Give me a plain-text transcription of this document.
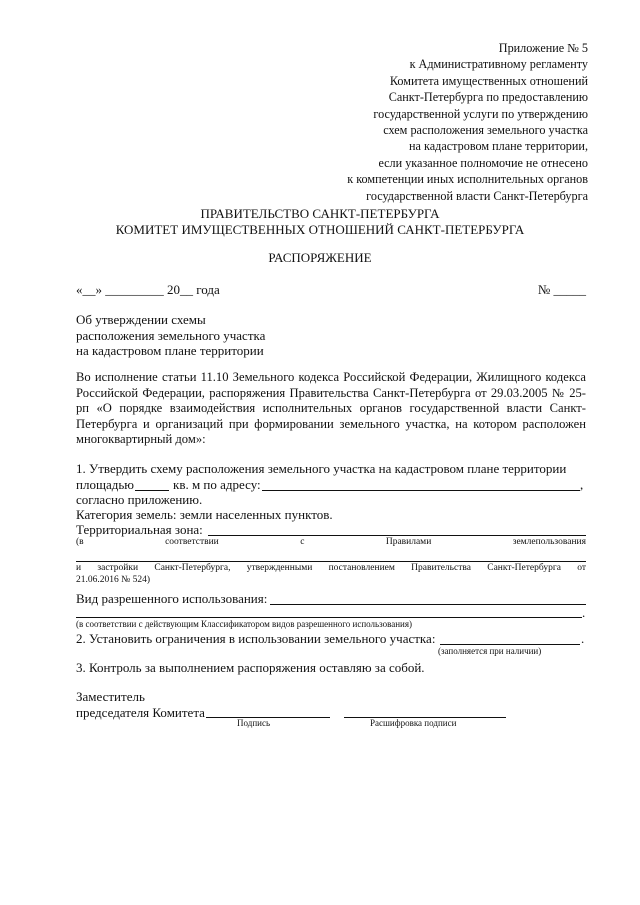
Приложение № 5
к Административному регламенту
Комитета имущественных отношений
Санкт-Петербурга по предоставлению
государственной услуги по утверждению
схем расположения земельного участка
на кадастровом плане территории,
если указанное полномочие не отнесено
к компетенции иных исполнительных органов
государственной власти Санкт-Петербурга
ПРАВИТЕЛЬСТВО САНКТ-ПЕТЕРБУРГА
КОМИТЕТ ИМУЩЕСТВЕННЫХ ОТНОШЕНИЙ САНКТ-ПЕТЕРБУРГА
РАСПОРЯЖЕНИЕ
«__» _________ 20__ года	№ _____
Об утверждении схемы
расположения земельного участка
на кадастровом плане территории
Во исполнение статьи 11.10 Земельного кодекса Российской Федерации, Жилищного кодекса Российской Федерации, распоряжения Правительства Санкт-Петербурга от 29.03.2005 № 25-рп «О порядке взаимодействия исполнительных органов государственной власти Санкт-Петербурга и организаций при формировании земельного участка, на котором расположен многоквартирный дом»:
1. Утвердить схему расположения земельного участка на кадастровом плане территории
площадью	кв. м по адресу:	,
согласно приложению.
Категория земель: земли населенных пунктов.
Территориальная зона:
(в	соответствии	с	Правилами	землепользования
и застройки Санкт-Петербурга, утвержденными постановлением Правительства Санкт-Петербурга от
21.06.2016 № 524)
Вид разрешенного использования:
.
(в соответствии с действующим Классификатором видов разрешенного использования)
2. Установить ограничения в использовании земельного участка:	.
(заполняется при наличии)
3. Контроль за выполнением распоряжения оставляю за собой.
Заместитель
председателя Комитета
Подпись	Расшифровка подписи
